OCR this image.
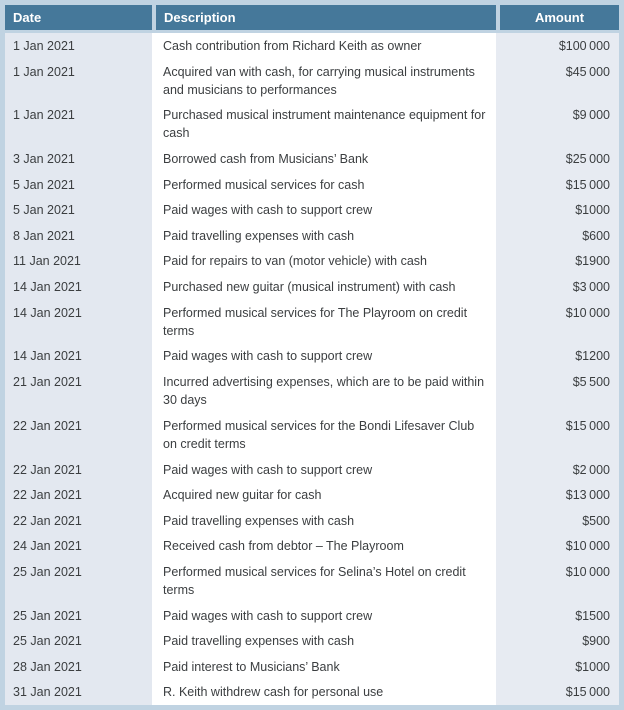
Date	Description	Amount
1 Jan 2021	Cash contribution from Richard Keith as owner	$100 000
1 Jan 2021	Acquired van with cash, for carrying musical instruments and musicians to performances	$45 000
1 Jan 2021	Purchased musical instrument maintenance equipment for cash	$9 000
3 Jan 2021	Borrowed cash from Musicians’ Bank	$25 000
5 Jan 2021	Performed musical services for cash	$15 000
5 Jan 2021	Paid wages with cash to support crew	$1000
8 Jan 2021	Paid travelling expenses with cash	$600
11 Jan 2021	Paid for repairs to van (motor vehicle) with cash	$1900
14 Jan 2021	Purchased new guitar (musical instrument) with cash	$3 000
14 Jan 2021	Performed musical services for The Playroom on credit terms	$10 000
14 Jan 2021	Paid wages with cash to support crew	$1200
21 Jan 2021	Incurred advertising expenses, which are to be paid within 30 days	$5 500
22 Jan 2021	Performed musical services for the Bondi Lifesaver Club on credit terms	$15 000
22 Jan 2021	Paid wages with cash to support crew	$2 000
22 Jan 2021	Acquired new guitar for cash	$13 000
22 Jan 2021	Paid travelling expenses with cash	$500
24 Jan 2021	Received cash from debtor – The Playroom	$10 000
25 Jan 2021	Performed musical services for Selina’s Hotel on credit terms	$10 000
25 Jan 2021	Paid wages with cash to support crew	$1500
25 Jan 2021	Paid travelling expenses with cash	$900
28 Jan 2021	Paid interest to Musicians’ Bank	$1000
31 Jan 2021	R. Keith withdrew cash for personal use	$15 000
